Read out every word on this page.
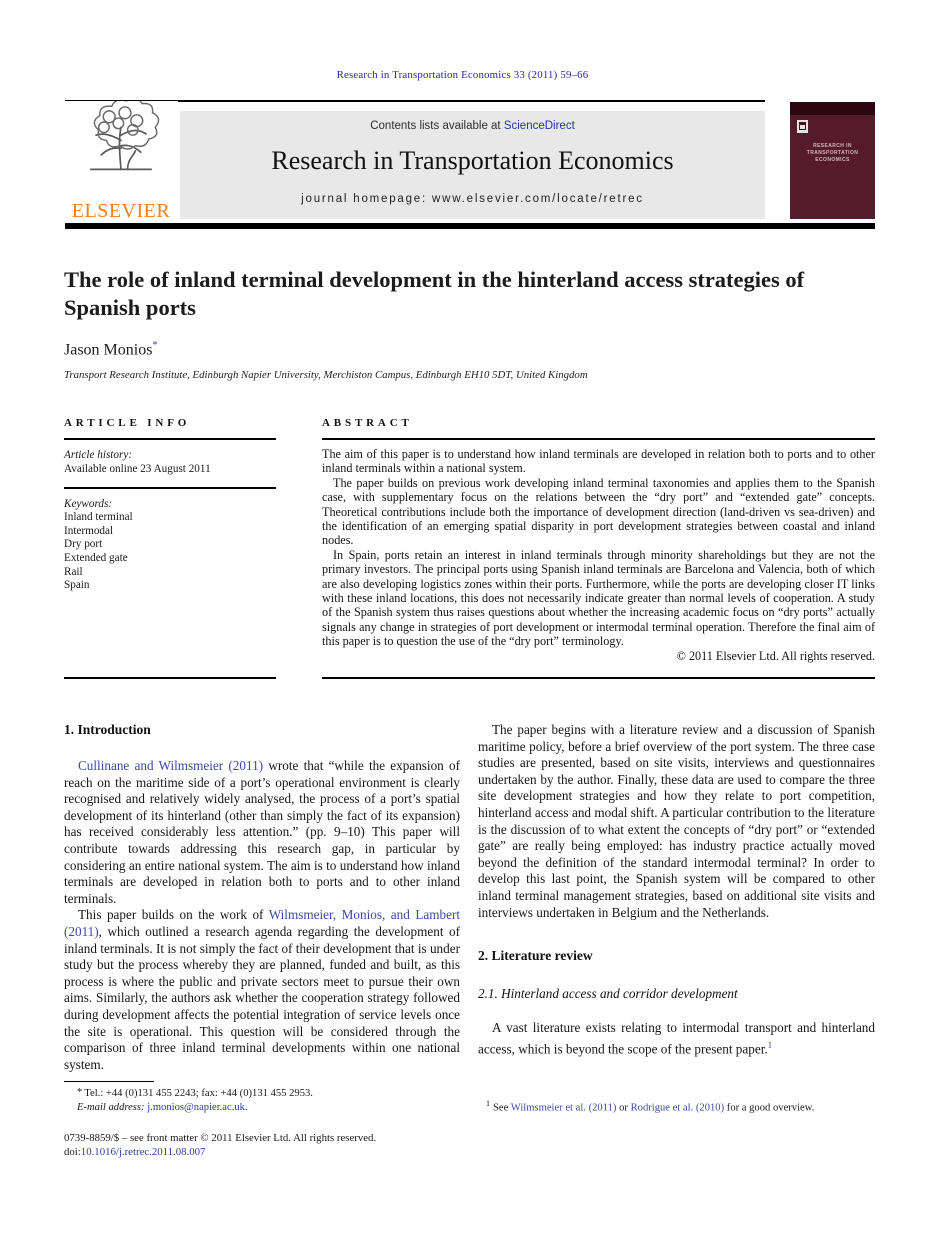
Research in Transportation Economics 33 (2011) 59–66
ELSEVIER
Contents lists available at ScienceDirect
Research in Transportation Economics
journal homepage: www.elsevier.com/locate/retrec
RESEARCH IN
TRANSPORTATION ECONOMICS
The role of inland terminal development in the hinterland access strategies of Spanish ports
Jason Monios*
Transport Research Institute, Edinburgh Napier University, Merchiston Campus, Edinburgh EH10 5DT, United Kingdom
ARTICLE INFO
Article history:
Available online 23 August 2011
Keywords:
Inland terminal
Intermodal
Dry port
Extended gate
Rail
Spain
ABSTRACT

The aim of this paper is to understand how inland terminals are developed in relation both to ports and to other inland terminals within a national system.

The paper builds on previous work developing inland terminal taxonomies and applies them to the Spanish case, with supplementary focus on the relations between the “dry port” and “extended gate” concepts. Theoretical contributions include both the importance of development direction (land-driven vs sea-driven) and the identification of an emerging spatial disparity in port development strategies between coastal and inland nodes.

In Spain, ports retain an interest in inland terminals through minority shareholdings but they are not the primary investors. The principal ports using Spanish inland terminals are Barcelona and Valencia, both of which are also developing logistics zones within their ports. Furthermore, while the ports are developing closer IT links with these inland locations, this does not necessarily indicate greater than normal levels of cooperation. A study of the Spanish system thus raises questions about whether the increasing academic focus on “dry ports” actually signals any change in strategies of port development or intermodal terminal operation. Therefore the final aim of this paper is to question the use of the “dry port” terminology.

© 2011 Elsevier Ltd. All rights reserved.

1. Introduction

Cullinane and Wilmsmeier (2011) wrote that “while the expansion of reach on the maritime side of a port’s operational environment is clearly recognised and relatively widely analysed, the process of a port’s spatial development of its hinterland (other than simply the fact of its expansion) has received considerably less attention.” (pp. 9–10) This paper will contribute towards addressing this research gap, in particular by considering an entire national system. The aim is to understand how inland terminals are developed in relation both to ports and to other inland terminals.

This paper builds on the work of Wilmsmeier, Monios, and Lambert (2011), which outlined a research agenda regarding the development of inland terminals. It is not simply the fact of their development that is under study but the process whereby they are planned, funded and built, as this process is where the public and private sectors meet to pursue their own aims. Similarly, the authors ask whether the cooperation strategy followed during development affects the potential integration of service levels once the site is operational. This question will be considered through the comparison of three inland terminal developments within one national system.

The paper begins with a literature review and a discussion of Spanish maritime policy, before a brief overview of the port system. The three case studies are presented, based on site visits, interviews and questionnaires undertaken by the author. Finally, these data are used to compare the three site development strategies and how they relate to port competition, hinterland access and modal shift. A particular contribution to the literature is the discussion of to what extent the concepts of “dry port” or “extended gate” are really being employed: has industry practice actually moved beyond the definition of the standard intermodal terminal? In order to develop this last point, the Spanish system will be compared to other inland terminal management strategies, based on additional site visits and interviews undertaken in Belgium and the Netherlands.

2. Literature review
2.1. Hinterland access and corridor development

A vast literature exists relating to intermodal transport and hinterland access, which is beyond the scope of the present paper.$^1$

* Tel.: +44 (0)131 455 2243; fax: +44 (0)131 455 2953.
E-mail address: j.monios@napier.ac.uk.
0739-8859/$ – see front matter © 2011 Elsevier Ltd. All rights reserved.
doi:10.1016/j.retrec.2011.08.007
$^1$ See Wilmsmeier et al. (2011) or Rodrigue et al. (2010) for a good overview.
